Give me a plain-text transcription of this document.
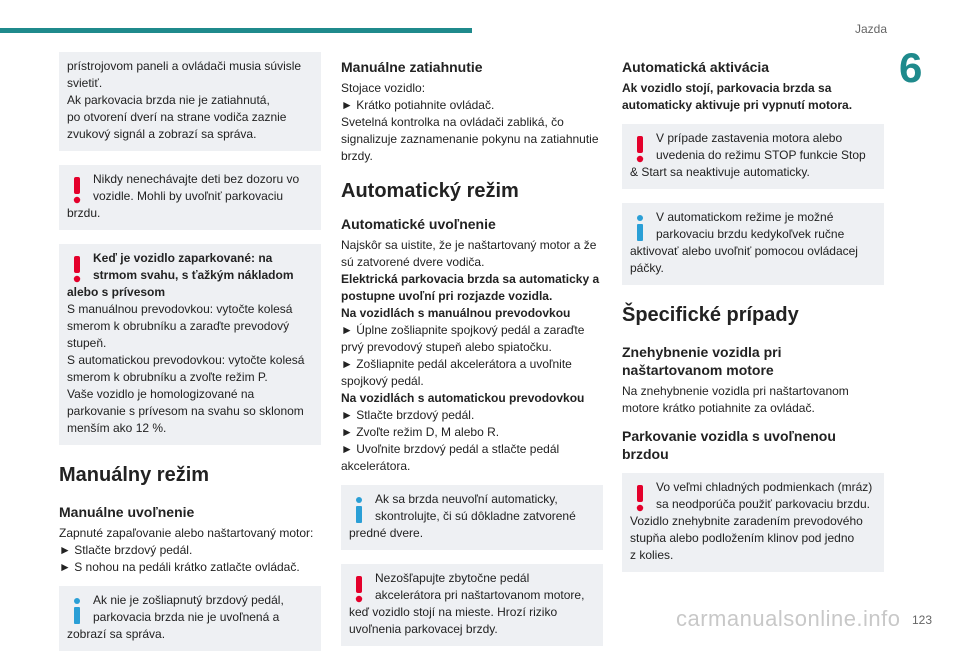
Jazda
6
prístrojovom paneli a ovládači musia súvisle svietiť.
Ak parkovacia brzda nie je zatiahnutá,
po otvorení dverí na strane vodiča zaznie zvukový signál a zobrazí sa správa.
Nikdy nenechávajte deti bez dozoru vo vozidle. Mohli by uvoľniť parkovaciu
brzdu.
Keď je vozidlo zaparkované: na strmom svahu, s ťažkým nákladom
alebo s prívesom
S manuálnou prevodovkou: vytočte kolesá smerom k obrubníku a zaraďte prevodový stupeň.
S automatickou prevodovkou: vytočte kolesá smerom k obrubníku a zvoľte režim P.
Vaše vozidlo je homologizované na parkovanie s prívesom na svahu so sklonom menším ako 12 %.
Manuálny režim
Manuálne uvoľnenie
Zapnuté zapaľovanie alebo naštartovaný motor:
► Stlačte brzdový pedál.
► S nohou na pedáli krátko zatlačte ovládač.
Ak nie je zošliapnutý brzdový pedál, parkovacia brzda nie je uvoľnená a
zobrazí sa správa.
Manuálne zatiahnutie
Stojace vozidlo:
► Krátko potiahnite ovládač.
Svetelná kontrolka na ovládači zabliká, čo signalizuje zaznamenanie pokynu na zatiahnutie brzdy.
Automatický režim
Automatické uvoľnenie
Najskôr sa uistite, že je naštartovaný motor a že sú zatvorené dvere vodiča.
Elektrická parkovacia brzda sa automaticky a postupne uvoľní pri rozjazde vozidla.
Na vozidlách s manuálnou prevodovkou
► Úplne zošliapnite spojkový pedál a zaraďte prvý prevodový stupeň alebo spiatočku.
► Zošliapnite pedál akcelerátora a uvoľnite spojkový pedál.
Na vozidlách s automatickou prevodovkou
► Stlačte brzdový pedál.
► Zvoľte režim D, M alebo R.
► Uvoľnite brzdový pedál a stlačte pedál akcelerátora.
Ak sa brzda neuvoľní automaticky, skontrolujte, či sú dôkladne zatvorené
predné dvere.
Nezošľapujte zbytočne pedál akcelerátora pri naštartovanom motore,
keď vozidlo stojí na mieste. Hrozí riziko uvoľnenia parkovacej brzdy.
Automatická aktivácia
Ak vozidlo stojí, parkovacia brzda sa automaticky aktivuje pri vypnutí motora.
V prípade zastavenia motora alebo uvedenia do režimu STOP funkcie Stop
& Start sa neaktivuje automaticky.
V automatickom režime je možné parkovaciu brzdu kedykoľvek ručne
aktivovať alebo uvoľniť pomocou ovládacej páčky.
Špecifické prípady
Znehybnenie vozidla pri naštartovanom motore
Na znehybnenie vozidla pri naštartovanom motore krátko potiahnite za ovládač.
Parkovanie vozidla s uvoľnenou brzdou
Vo veľmi chladných podmienkach (mráz) sa neodporúča použiť parkovaciu brzdu.
Vozidlo znehybnite zaradením prevodového stupňa alebo podložením klinov pod jedno
z kolies.
carmanualsonline.info 123
